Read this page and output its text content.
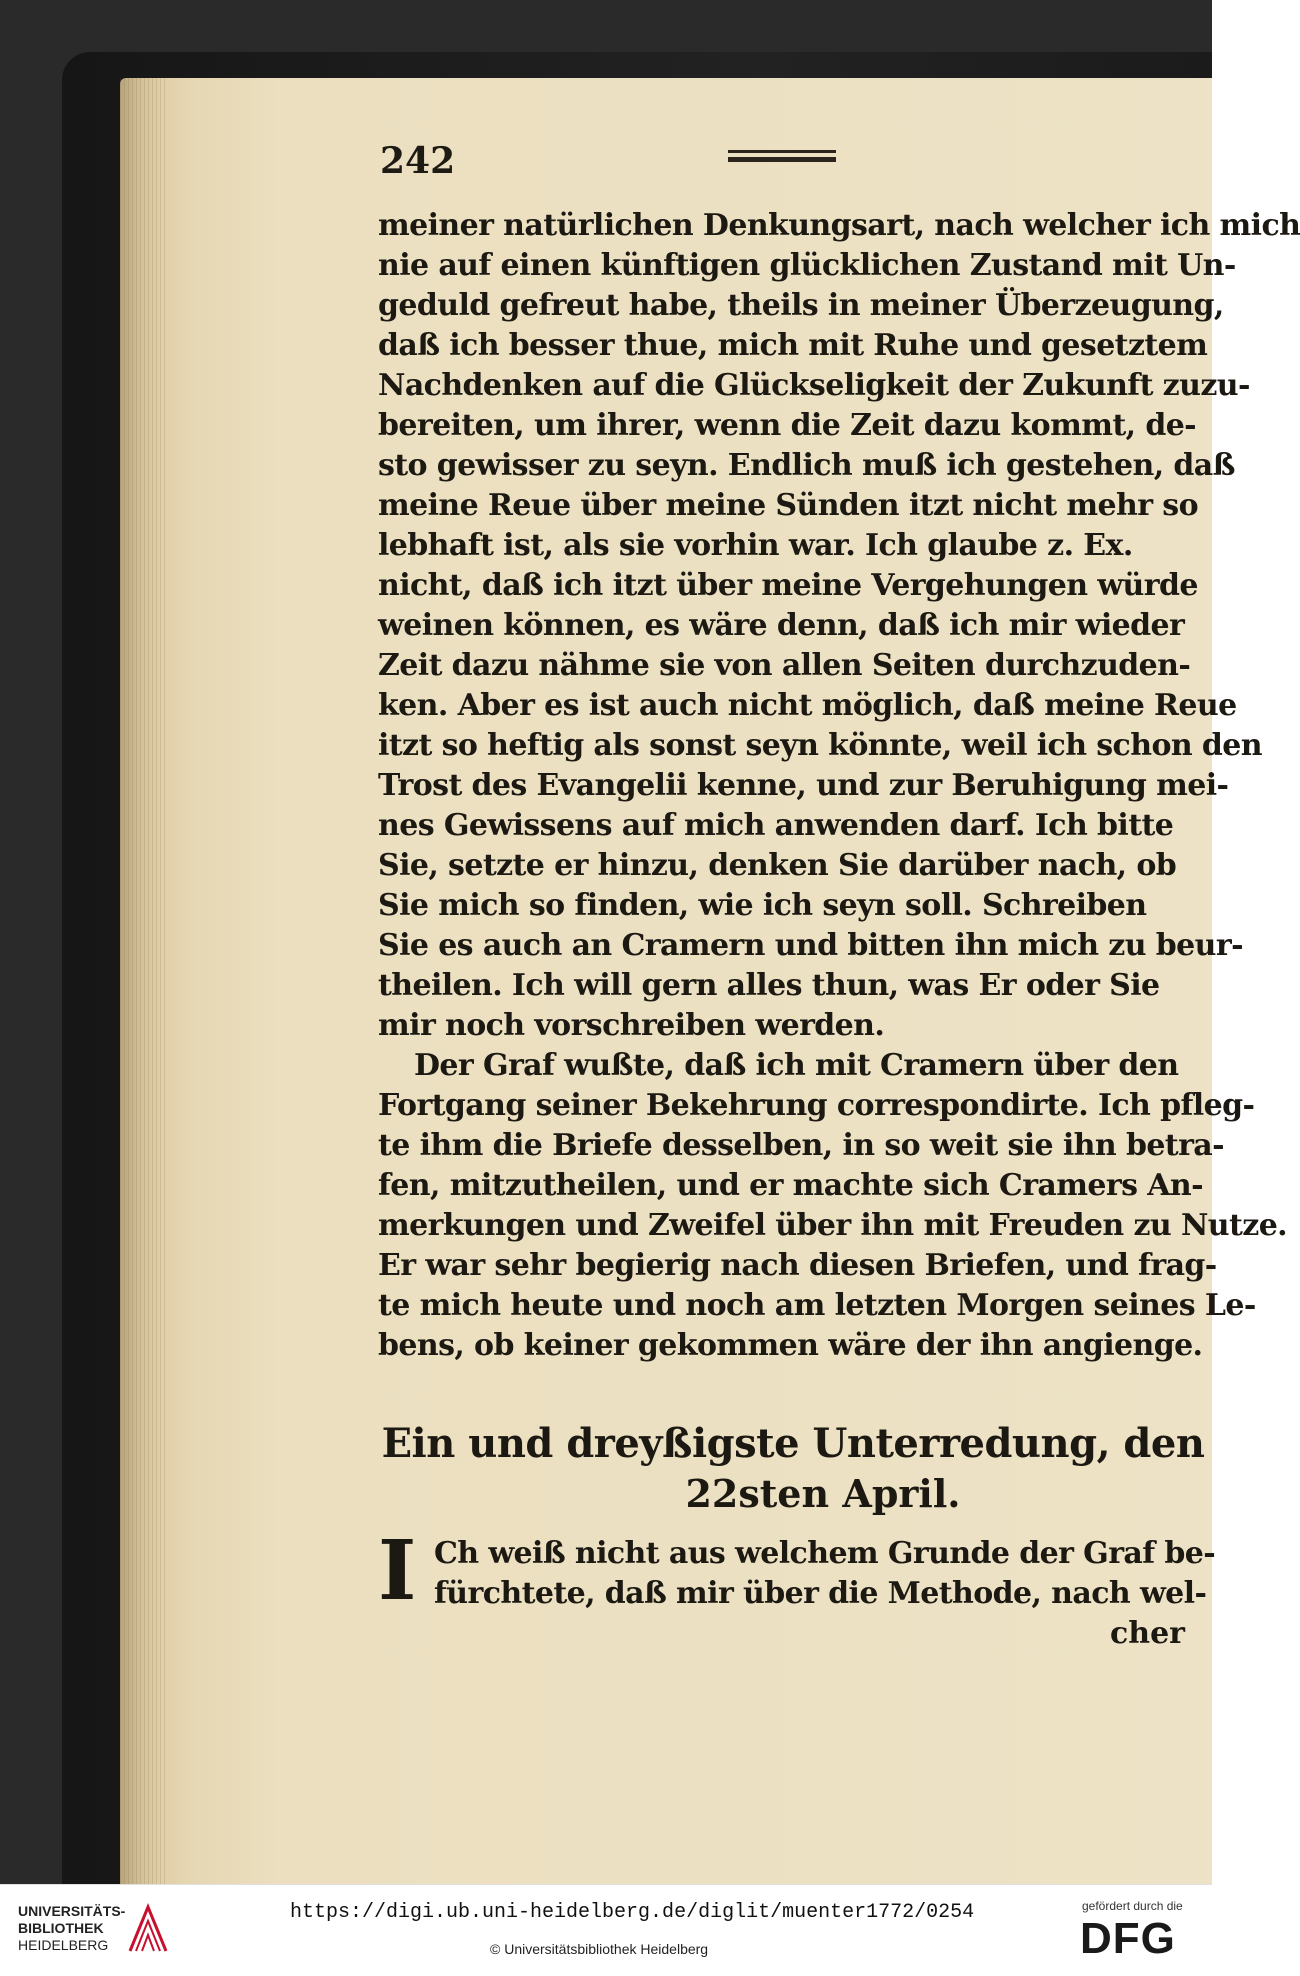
242
meiner natürlichen Denkungsart, nach welcher ich mich
nie auf einen künftigen glücklichen Zustand mit Un-
geduld gefreut habe, theils in meiner Überzeugung,
daß ich besser thue, mich mit Ruhe und gesetztem
Nachdenken auf die Glückseligkeit der Zukunft zuzu-
bereiten, um ihrer, wenn die Zeit dazu kommt, de-
sto gewisser zu seyn. Endlich muß ich gestehen, daß
meine Reue über meine Sünden itzt nicht mehr so
lebhaft ist, als sie vorhin war. Ich glaube z. Ex.
nicht, daß ich itzt über meine Vergehungen würde
weinen können, es wäre denn, daß ich mir wieder
Zeit dazu nähme sie von allen Seiten durchzuden-
ken. Aber es ist auch nicht möglich, daß meine Reue
itzt so heftig als sonst seyn könnte, weil ich schon den
Trost des Evangelii kenne, und zur Beruhigung mei-
nes Gewissens auf mich anwenden darf. Ich bitte
Sie, setzte er hinzu, denken Sie darüber nach, ob
Sie mich so finden, wie ich seyn soll. Schreiben
Sie es auch an Cramern und bitten ihn mich zu beur-
theilen. Ich will gern alles thun, was Er oder Sie
mir noch vorschreiben werden.
Der Graf wußte, daß ich mit Cramern über den
Fortgang seiner Bekehrung correspondirte. Ich pfleg-
te ihm die Briefe desselben, in so weit sie ihn betra-
fen, mitzutheilen, und er machte sich Cramers An-
merkungen und Zweifel über ihn mit Freuden zu Nutze.
Er war sehr begierig nach diesen Briefen, und frag-
te mich heute und noch am letzten Morgen seines Le-
bens, ob keiner gekommen wäre der ihn angienge.
Ein und dreyßigste Unterredung, den
22sten April.
I Ch weiß nicht aus welchem Grunde der Graf be-
fürchtete, daß mir über die Methode, nach wel-
cher
UNIVERSITÄTS-
BIBLIOTHEK
HEIDELBERG
https://digi.ub.uni-heidelberg.de/diglit/muenter1772/0254
© Universitätsbibliothek Heidelberg
gefördert durch die
DFG
